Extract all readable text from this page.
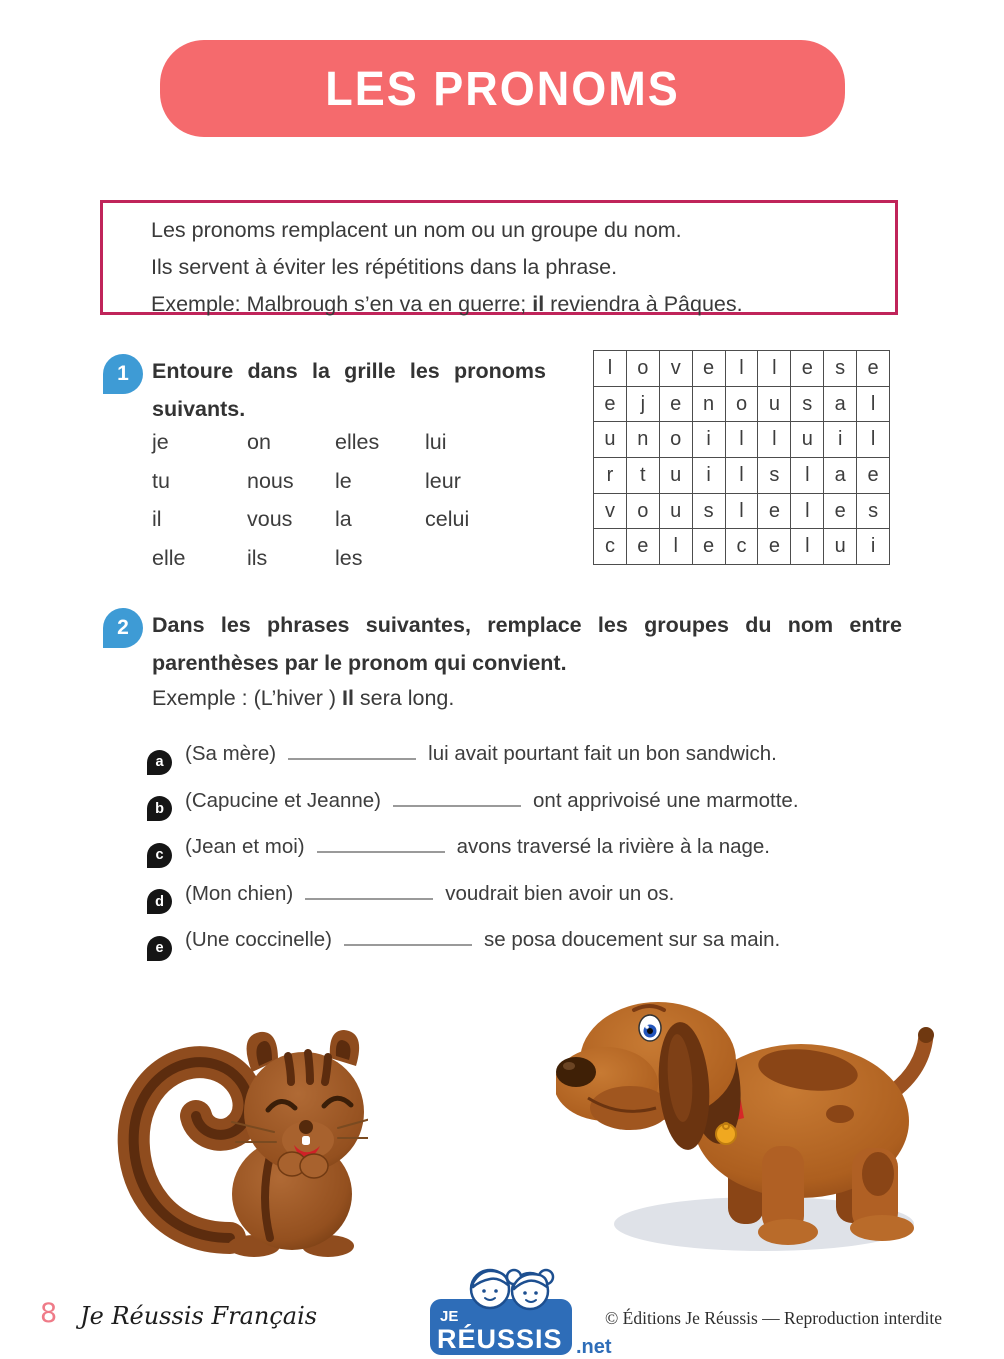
LES PRONOMS
Les pronoms remplacent un nom ou un groupe du nom.
Ils servent à éviter les répétitions dans la phrase.
Exemple: Malbrough s’en va en guerre; il reviendra à Pâques.
1 Entoure dans la grille les pronoms
suivants.
je	on	elles	lui
tu	nous	le	leur
il	vous	la	celui
elle	ils	les
l	o	v	e	l	l	e	s	e
e	j	e	n	o	u	s	a	l
u	n	o	i	l	l	u	i	l
r	t	u	i	l	s	l	a	e
v	o	u	s	l	e	l	e	s
c	e	l	e	c	e	l	u	i
2 Dans les phrases suivantes, remplace les groupes du nom entre
parenthèses par le pronom qui convient.
Exemple : (L’hiver ) Il sera long.
a (Sa mère)	lui avait pourtant fait un bon sandwich.
b (Capucine et Jeanne)	ont apprivoisé une marmotte.
c (Jean et moi)	avons traversé la rivière à la nage.
d (Mon chien)	voudrait bien avoir un os.
e (Une coccinelle)	se posa doucement sur sa main.
8 Je Réussis Français	JE
RÉUSSIS .net
© Éditions Je Réussis — Reproduction interdite
